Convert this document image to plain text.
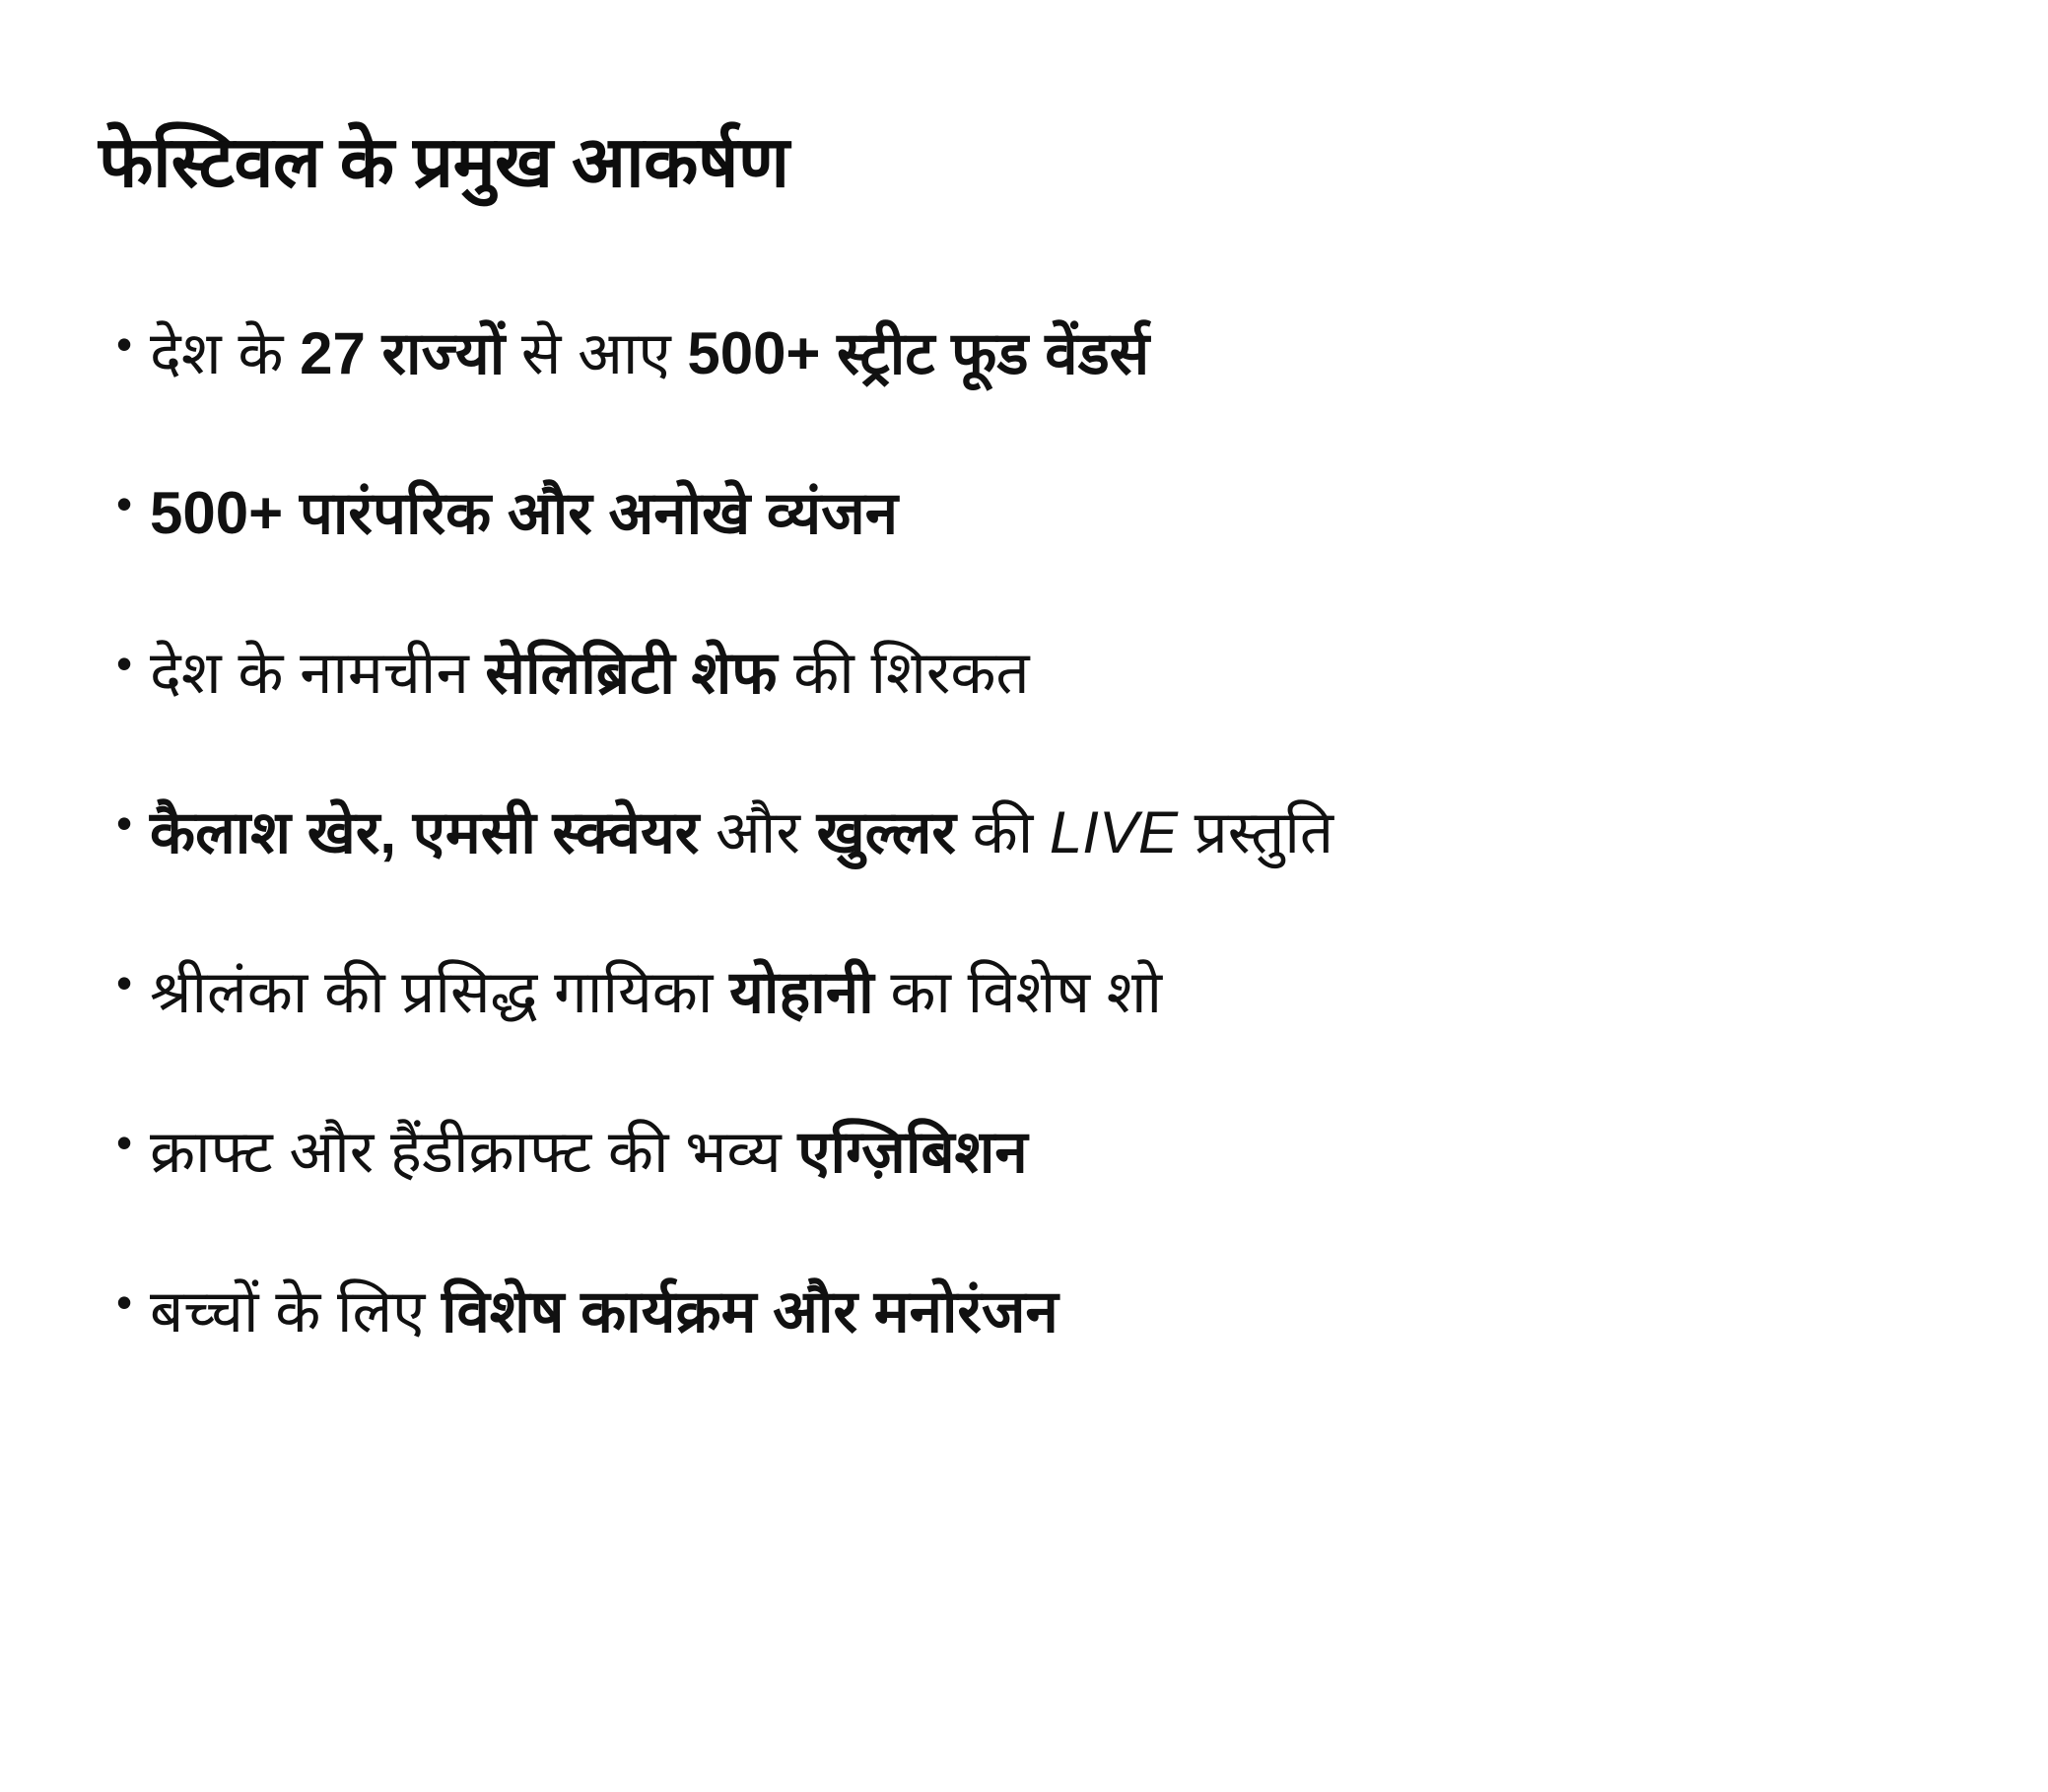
फेस्टिवल के प्रमुख आकर्षण
• देश के 27 राज्यों से आए 500+ स्ट्रीट फूड वेंडर्स
• 500+ पारंपरिक और अनोखे व्यंजन
• देश के नामचीन सेलिब्रिटी शेफ की शिरकत
• कैलाश खेर, एमसी स्क्वेयर और खुल्लर की LIVE प्रस्तुति
• श्रीलंका की प्रसिद्ध गायिका योहानी का विशेष शो
• क्राफ्ट और हैंडीक्राफ्ट की भव्य एग्ज़िबिशन
• बच्चों के लिए विशेष कार्यक्रम और मनोरंजन
